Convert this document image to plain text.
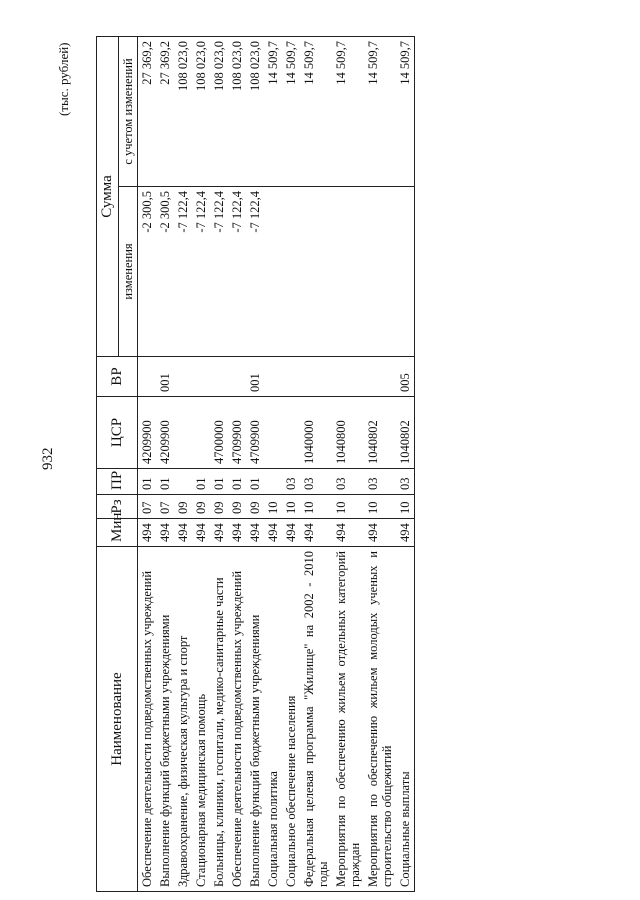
932
(тыс. рублей)
Наименование	Мин	Рз	ПР	ЦСР	ВР	Сумма	
						изменения	с учетом изменений
Обеспечение деятельности подведомственных учреждений	494	07	01	4209900		-2 300,5	27 369,2
Выполнение функций бюджетными учреждениями	494	07	01	4209900	001	-2 300,5	27 369,2
Здравоохранение, физическая культура и спорт	494	09				-7 122,4	108 023,0
Стационарная медицинская помощь	494	09	01			-7 122,4	108 023,0
Больницы, клиники, госпитали, медико-санитарные части	494	09	01	4700000		-7 122,4	108 023,0
Обеспечение деятельности подведомственных учреждений	494	09	01	4709900		-7 122,4	108 023,0
Выполнение функций бюджетными учреждениями	494	09	01	4709900	001	-7 122,4	108 023,0
Социальная политика	494	10					14 509,7
Социальное обеспечение населения	494	10	03				14 509,7
Федеральная целевая программа "Жилище" на 2002 - 2010 годы	494	10	03	1040000			14 509,7
Мероприятия по обеспечению жильем отдельных категорий граждан	494	10	03	1040800			14 509,7
Мероприятия по обеспечению жильем молодых ученых и строительство общежитий	494	10	03	1040802			14 509,7
Социальные выплаты	494	10	03	1040802	005		14 509,7
